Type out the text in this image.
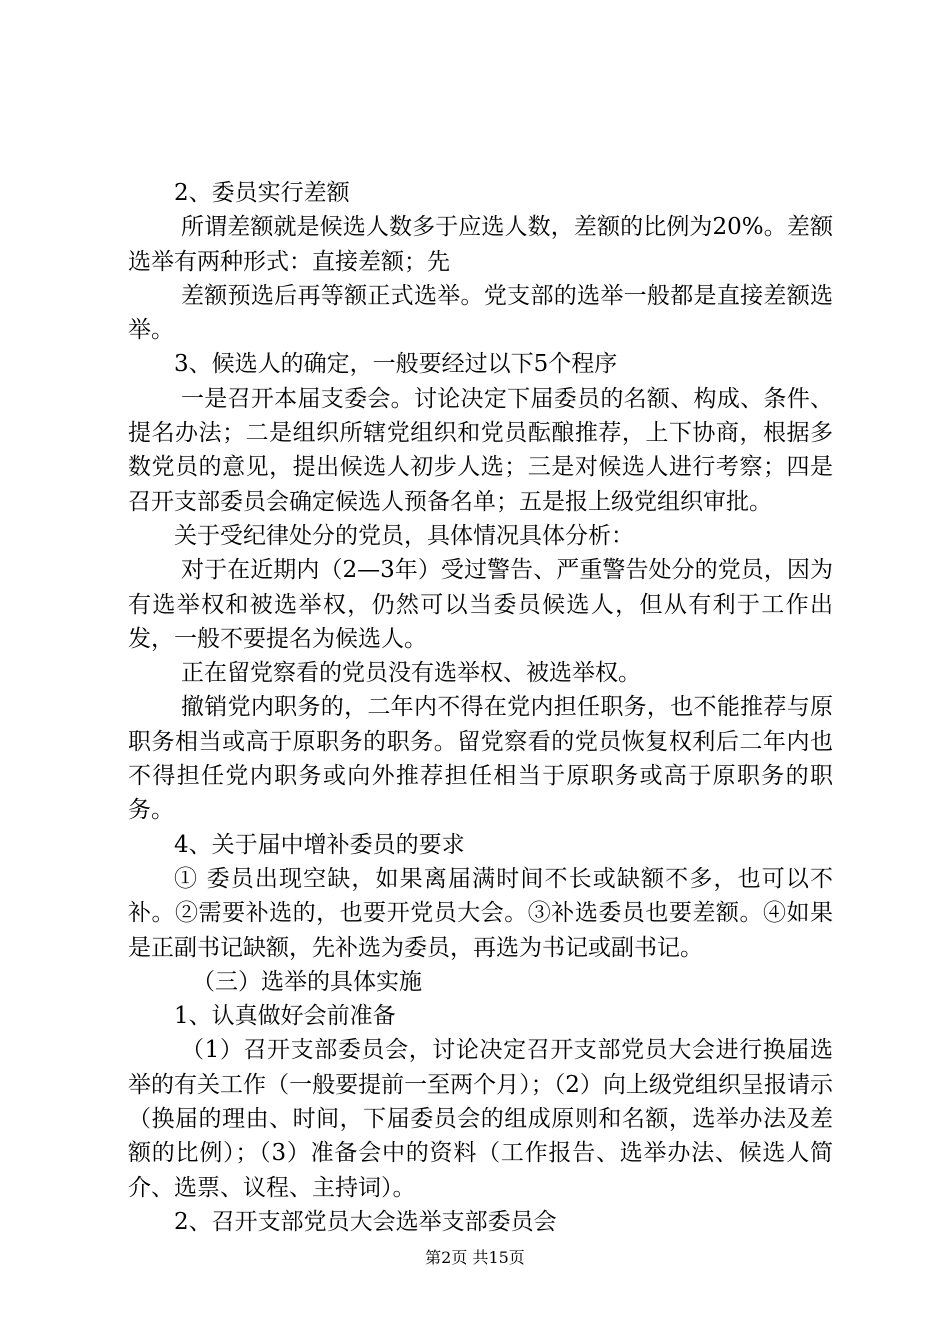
2、委员实行差额

所谓差额就是候选人数多于应选人数，差额的比例为20%。差额选举有两种形式：直接差额；先

差额预选后再等额正式选举。党支部的选举一般都是直接差额选举。

3、候选人的确定，一般要经过以下5个程序

一是召开本届支委会。讨论决定下届委员的名额、构成、条件、提名办法；二是组织所辖党组织和党员酝酿推荐，上下协商，根据多数党员的意见，提出候选人初步人选；三是对候选人进行考察；四是召开支部委员会确定候选人预备名单；五是报上级党组织审批。

关于受纪律处分的党员，具体情况具体分析：

对于在近期内（2—3年）受过警告、严重警告处分的党员，因为有选举权和被选举权，仍然可以当委员候选人，但从有利于工作出发，一般不要提名为候选人。

正在留党察看的党员没有选举权、被选举权。

撤销党内职务的，二年内不得在党内担任职务，也不能推荐与原职务相当或高于原职务的职务。留党察看的党员恢复权利后二年内也不得担任党内职务或向外推荐担任相当于原职务或高于原职务的职务。

4、关于届中增补委员的要求

① 委员出现空缺，如果离届满时间不长或缺额不多，也可以不补。②需要补选的，也要开党员大会。③补选委员也要差额。④如果是正副书记缺额，先补选为委员，再选为书记或副书记。

（三）选举的具体实施

1、认真做好会前准备

（1）召开支部委员会，讨论决定召开支部党员大会进行换届选举的有关工作（一般要提前一至两个月）；（2）向上级党组织呈报请示（换届的理由、时间，下届委员会的组成原则和名额，选举办法及差额的比例）；（3）准备会中的资料（工作报告、选举办法、候选人简介、选票、议程、主持词）。

2、召开支部党员大会选举支部委员会

第2页 共15页
